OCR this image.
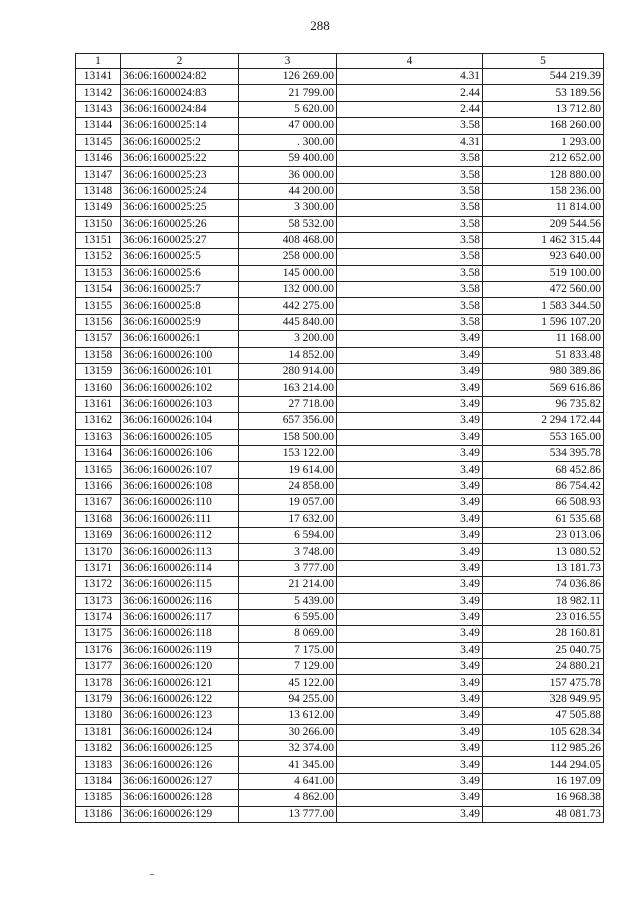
288
1	2	3	4	5
13141	36:06:1600024:82	126 269.00	4.31	544 219.39
13142	36:06:1600024:83	21 799.00	2.44	53 189.56
13143	36:06:1600024:84	5 620.00	2.44	13 712.80
13144	36:06:1600025:14	47 000.00	3.58	168 260.00
13145	36:06:1600025:2	. 300.00	4.31	1 293.00
13146	36:06:1600025:22	59 400.00	3.58	212 652.00
13147	36:06:1600025:23	36 000.00	3.58	128 880.00
13148	36:06:1600025:24	44 200.00	3.58	158 236.00
13149	36:06:1600025:25	3 300.00	3.58	11 814.00
13150	36:06:1600025:26	58 532.00	3.58	209 544.56
13151	36:06:1600025:27	408 468.00	3.58	1 462 315.44
13152	36:06:1600025:5	258 000.00	3.58	923 640.00
13153	36:06:1600025:6	145 000.00	3.58	519 100.00
13154	36:06:1600025:7	132 000.00	3.58	472 560.00
13155	36:06:1600025:8	442 275.00	3.58	1 583 344.50
13156	36:06:1600025:9	445 840.00	3.58	1 596 107.20
13157	36:06:1600026:1	3 200.00	3.49	11 168.00
13158	36:06:1600026:100	14 852.00	3.49	51 833.48
13159	36:06:1600026:101	280 914.00	3.49	980 389.86
13160	36:06:1600026:102	163 214.00	3.49	569 616.86
13161	36:06:1600026:103	27 718.00	3.49	96 735.82
13162	36:06:1600026:104	657 356.00	3.49	2 294 172.44
13163	36:06:1600026:105	158 500.00	3.49	553 165.00
13164	36:06:1600026:106	153 122.00	3.49	534 395.78
13165	36:06:1600026:107	19 614.00	3.49	68 452.86
13166	36:06:1600026:108	24 858.00	3.49	86 754.42
13167	36:06:1600026:110	19 057.00	3.49	66 508.93
13168	36:06:1600026:111	17 632.00	3.49	61 535.68
13169	36:06:1600026:112	6 594.00	3.49	23 013.06
13170	36:06:1600026:113	3 748.00	3.49	13 080.52
13171	36:06:1600026:114	3 777.00	3.49	13 181.73
13172	36:06:1600026:115	21 214.00	3.49	74 036.86
13173	36:06:1600026:116	5 439.00	3.49	18 982.11
13174	36:06:1600026:117	6 595.00	3.49	23 016.55
13175	36:06:1600026:118	8 069.00	3.49	28 160.81
13176	36:06:1600026:119	7 175.00	3.49	25 040.75
13177	36:06:1600026:120	7 129.00	3.49	24 880.21
13178	36:06:1600026:121	45 122.00	3.49	157 475.78
13179	36:06:1600026:122	94 255.00	3.49	328 949.95
13180	36:06:1600026:123	13 612.00	3.49	47 505.88
13181	36:06:1600026:124	30 266.00	3.49	105 628.34
13182	36:06:1600026:125	32 374.00	3.49	112 985.26
13183	36:06:1600026:126	41 345.00	3.49	144 294.05
13184	36:06:1600026:127	4 641.00	3.49	16 197.09
13185	36:06:1600026:128	4 862.00	3.49	16 968.38
13186	36:06:1600026:129	13 777.00	3.49	48 081.73
